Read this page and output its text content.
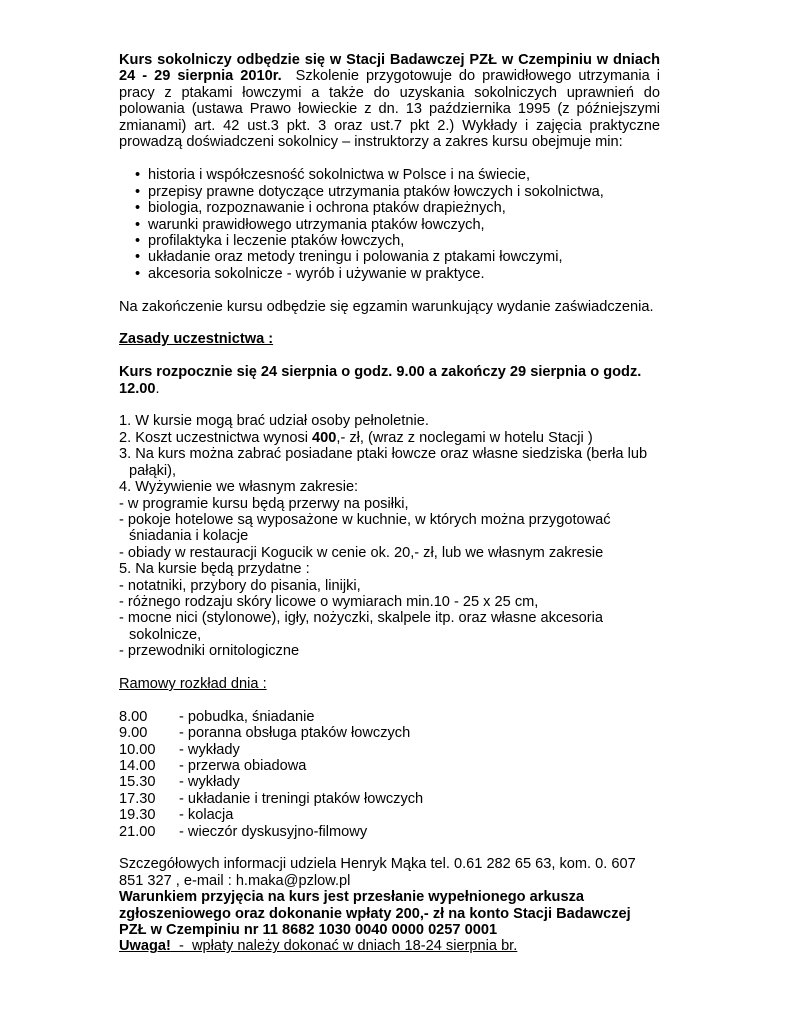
Kurs sokolniczy odbędzie się w Stacji Badawczej PZŁ w Czempiniu w dniach 24 - 29 sierpnia 2010r. Szkolenie przygotowuje do prawidłowego utrzymania i pracy z ptakami łowczymi a także do uzyskania sokolniczych uprawnień do polowania (ustawa Prawo łowieckie z dn. 13 października 1995 (z późniejszymi zmianami) art. 42 ust.3 pkt. 3 oraz ust.7 pkt 2.) Wykłady i zajęcia praktyczne prowadzą doświadczeni sokolnicy – instruktorzy a zakres kursu obejmuje min:

• historia i współczesność sokolnictwa w Polsce i na świecie,
• przepisy prawne dotyczące utrzymania ptaków łowczych i sokolnictwa,
• biologia, rozpoznawanie i ochrona ptaków drapieżnych,
• warunki prawidłowego utrzymania ptaków łowczych,
• profilaktyka i leczenie ptaków łowczych,
• układanie oraz metody treningu i polowania z ptakami łowczymi,
• akcesoria sokolnicze - wyrób i używanie w praktyce.

Na zakończenie kursu odbędzie się egzamin warunkujący wydanie zaświadczenia.

Zasady uczestnictwa :

Kurs rozpocznie się 24 sierpnia o godz. 9.00 a zakończy 29 sierpnia o godz. 12.00.

1. W kursie mogą brać udział osoby pełnoletnie.

2. Koszt uczestnictwa wynosi 400,- zł, (wraz z noclegami w hotelu Stacji )

3. Na kurs można zabrać posiadane ptaki łowcze oraz własne siedziska (berła lub pałąki),

4. Wyżywienie we własnym zakresie:

- w programie kursu będą przerwy na posiłki,

- pokoje hotelowe są wyposażone w kuchnie, w których można przygotować śniadania i kolacje

- obiady w restauracji Kogucik w cenie ok. 20,- zł, lub we własnym zakresie

5. Na kursie będą przydatne :

- notatniki, przybory do pisania, linijki,

- różnego rodzaju skóry licowe o wymiarach min.10 - 25 x 25 cm,

- mocne nici (stylonowe), igły, nożyczki, skalpele itp. oraz własne akcesoria sokolnicze,

- przewodniki ornitologiczne

Ramowy rozkład dnia :

8.00	- pobudka, śniadanie
9.00	- poranna obsługa ptaków łowczych
10.00	- wykłady
14.00	- przerwa obiadowa
15.30	- wykłady
17.30	- układanie i treningi ptaków łowczych
19.30	- kolacja
21.00	- wieczór dyskusyjno-filmowy

Szczegółowych informacji udziela Henryk Mąka tel. 0.61 282 65 63, kom. 0. 607 851 327 , e-mail : h.maka@pzlow.pl

Warunkiem przyjęcia na kurs jest przesłanie wypełnionego arkusza zgłoszeniowego oraz dokonanie wpłaty 200,- zł na konto Stacji Badawczej PZŁ w Czempiniu nr 11 8682 1030 0040 0000 0257 0001

Uwaga!  -  wpłaty należy dokonać w dniach 18-24 sierpnia br.
